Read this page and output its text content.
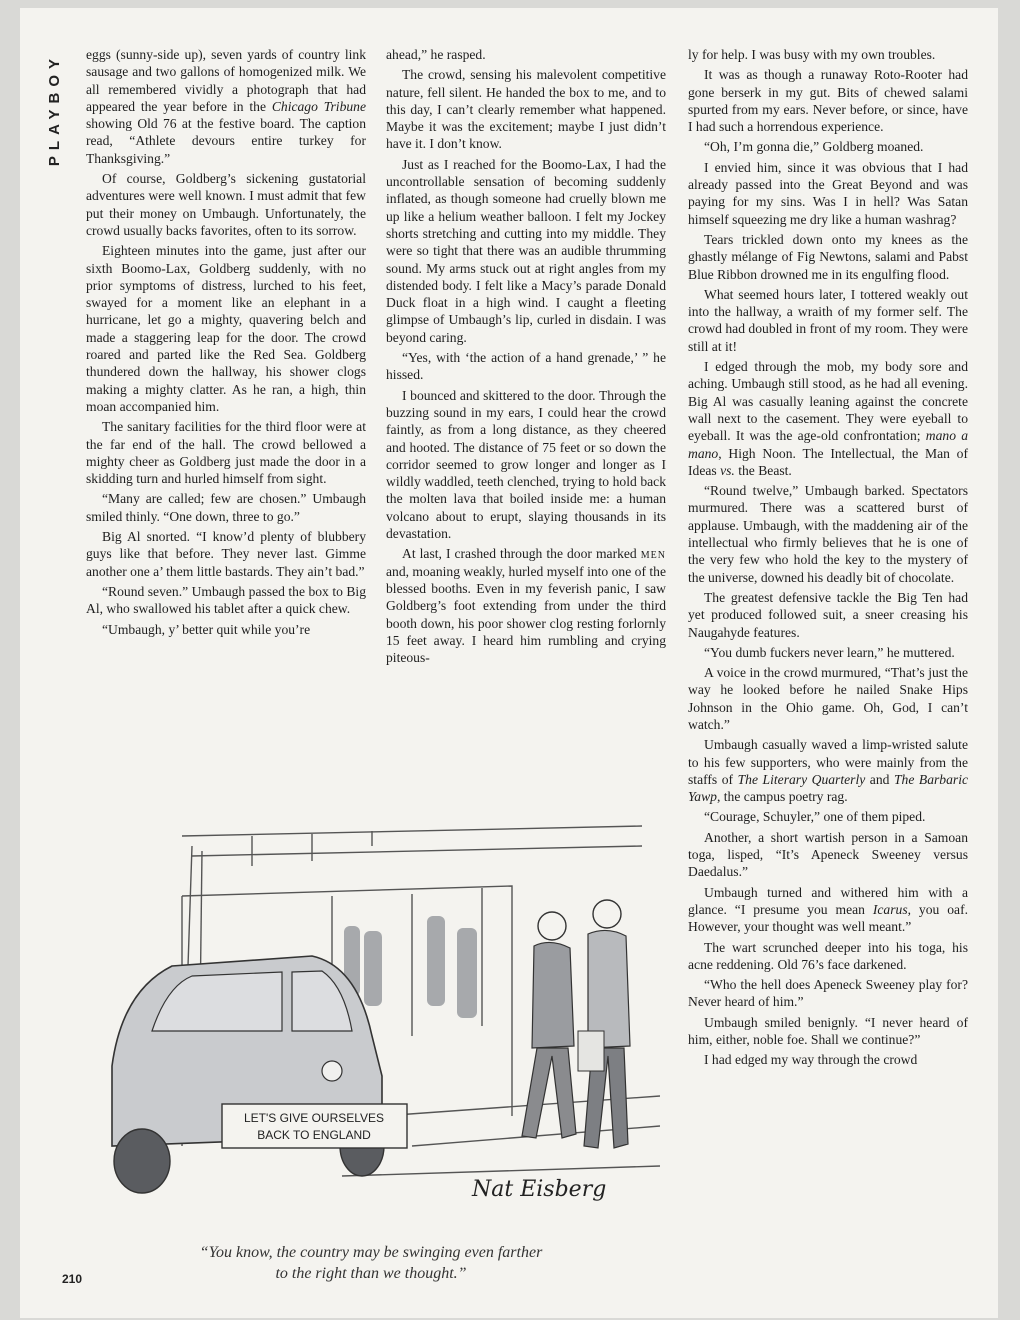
PLAYBOY eggs (sunny-side up), seven yards of country link sausage and two gallons of homogenized milk. We all remembered vividly a photograph that had appeared the year before in the Chicago Tribune showing Old 76 at the festive board. The caption read, “Athlete devours entire turkey for Thanksgiving.”

Of course, Goldberg’s sickening gustatorial adventures were well known. I must admit that few put their money on Umbaugh. Unfortunately, the crowd usually backs favorites, often to its sorrow.

Eighteen minutes into the game, just after our sixth Boomo-Lax, Goldberg suddenly, with no prior symptoms of distress, lurched to his feet, swayed for a moment like an elephant in a hurricane, let go a mighty, quavering belch and made a staggering leap for the door. The crowd roared and parted like the Red Sea. Goldberg thundered down the hallway, his shower clogs making a mighty clatter. As he ran, a high, thin moan accompanied him.

The sanitary facilities for the third floor were at the far end of the hall. The crowd bellowed a mighty cheer as Goldberg just made the door in a skidding turn and hurled himself from sight.

“Many are called; few are chosen.” Umbaugh smiled thinly. “One down, three to go.”

Big Al snorted. “I know’d plenty of blubbery guys like that before. They never last. Gimme another one a’ them little bastards. They ain’t bad.”

“Round seven.” Umbaugh passed the box to Big Al, who swallowed his tablet after a quick chew.

“Umbaugh, y’ better quit while you’re

ahead,” he rasped.

The crowd, sensing his malevolent competitive nature, fell silent. He handed the box to me, and to this day, I can’t clearly remember what happened. Maybe it was the excitement; maybe I just didn’t have it. I don’t know.

Just as I reached for the Boomo-Lax, I had the uncontrollable sensation of becoming suddenly inflated, as though someone had cruelly blown me up like a helium weather balloon. I felt my Jockey shorts stretching and cutting into my middle. They were so tight that there was an audible thrumming sound. My arms stuck out at right angles from my distended body. I felt like a Macy’s parade Donald Duck float in a high wind. I caught a fleeting glimpse of Umbaugh’s lip, curled in disdain. I was beyond caring.

“Yes, with ‘the action of a hand grenade,’ ” he hissed.

I bounced and skittered to the door. Through the buzzing sound in my ears, I could hear the crowd faintly, as from a long distance, as they cheered and hooted. The distance of 75 feet or so down the corridor seemed to grow longer and longer as I wildly waddled, teeth clenched, trying to hold back the molten lava that boiled inside me: a human volcano about to erupt, slaying thousands in its devastation.

At last, I crashed through the door marked men and, moaning weakly, hurled myself into one of the blessed booths. Even in my feverish panic, I saw Goldberg’s foot extending from under the third booth down, his poor shower clog resting forlornly 15 feet away. I heard him rumbling and crying piteous-

ly for help. I was busy with my own troubles.

It was as though a runaway Roto-Rooter had gone berserk in my gut. Bits of chewed salami spurted from my ears. Never before, or since, have I had such a horrendous experience.

“Oh, I’m gonna die,” Goldberg moaned.

I envied him, since it was obvious that I had already passed into the Great Beyond and was paying for my sins. Was I in hell? Was Satan himself squeezing me dry like a human washrag?

Tears trickled down onto my knees as the ghastly mélange of Fig Newtons, salami and Pabst Blue Ribbon drowned me in its engulfing flood.

What seemed hours later, I tottered weakly out into the hallway, a wraith of my former self. The crowd had doubled in front of my room. They were still at it!

I edged through the mob, my body sore and aching. Umbaugh still stood, as he had all evening. Big Al was casually leaning against the concrete wall next to the casement. They were eyeball to eyeball. It was the age-old confrontation; mano a mano, High Noon. The Intellectual, the Man of Ideas vs. the Beast.

“Round twelve,” Umbaugh barked. Spectators murmured. There was a scattered burst of applause. Umbaugh, with the maddening air of the intellectual who firmly believes that he is one of the very few who hold the key to the mystery of the universe, downed his deadly bit of chocolate.

The greatest defensive tackle the Big Ten had yet produced followed suit, a sneer creasing his Naugahyde features.

“You dumb fuckers never learn,” he muttered.

A voice in the crowd murmured, “That’s just the way he looked before he nailed Snake Hips Johnson in the Ohio game. Oh, God, I can’t watch.”

Umbaugh casually waved a limp-wristed salute to his few supporters, who were mainly from the staffs of The Literary Quarterly and The Barbaric Yawp, the campus poetry rag.

“Courage, Schuyler,” one of them piped.

Another, a short wartish person in a Samoan toga, lisped, “It’s Apeneck Sweeney versus Daedalus.”

Umbaugh turned and withered him with a glance. “I presume you mean Icarus, you oaf. However, your thought was well meant.”

The wart scrunched deeper into his toga, his acne reddening. Old 76’s face darkened.

“Who the hell does Apeneck Sweeney play for? Never heard of him.”

Umbaugh smiled benignly. “I never heard of him, either, noble foe. Shall we continue?”

I had edged my way through the crowd

LET'S GIVE OURSELVES
BACK TO ENGLAND
Nat Eisberg
“You know, the country may be swinging even farther
to the right than we thought.”
210
